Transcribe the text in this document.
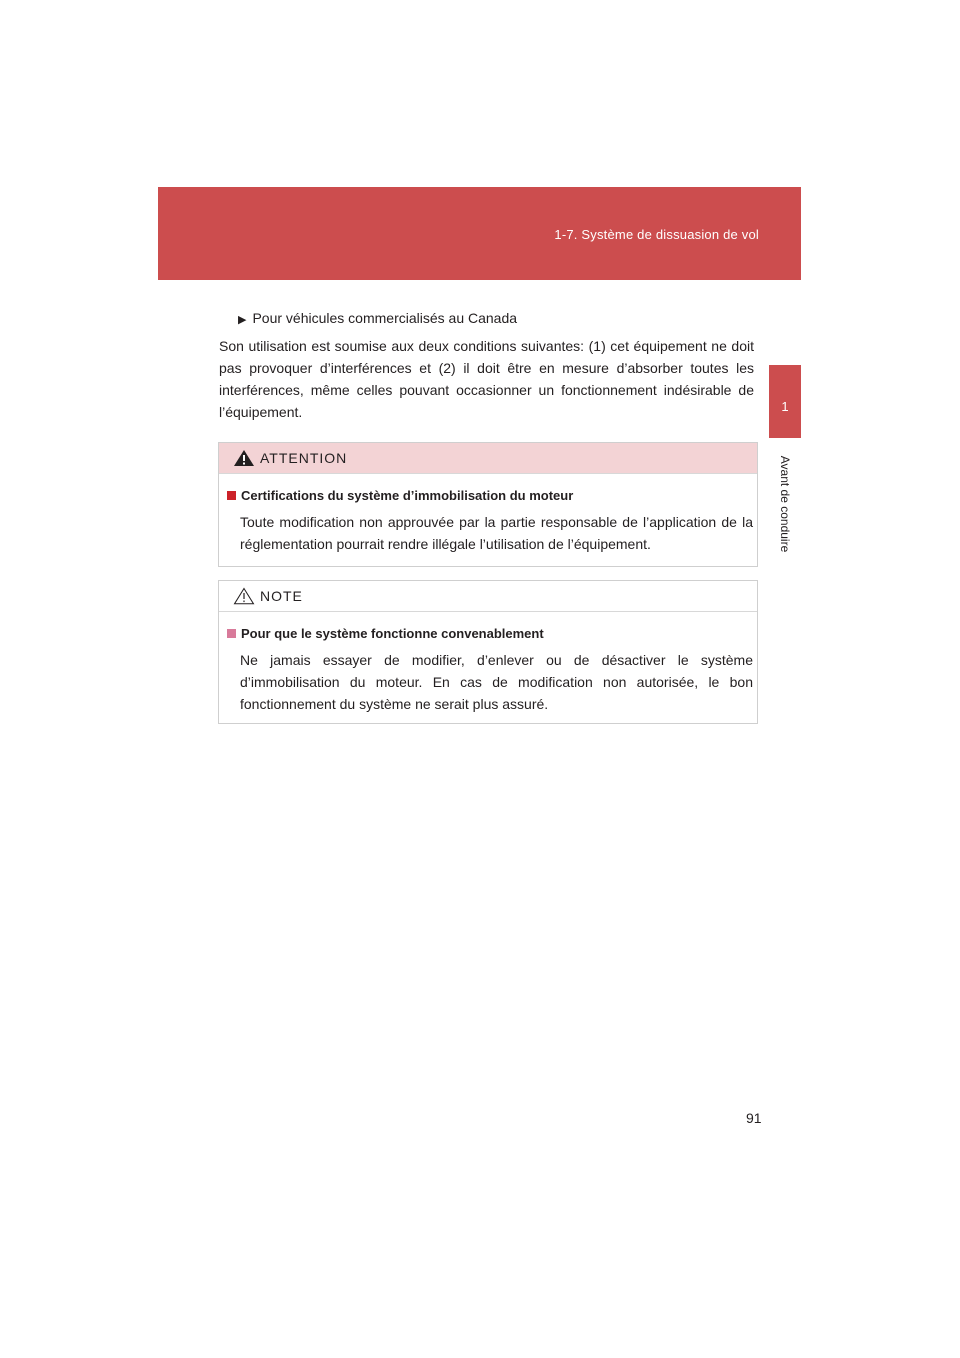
1-7. Système de dissuasion de vol
1
Avant de conduire
▶ Pour véhicules commercialisés au Canada
Son utilisation est soumise aux deux conditions suivantes: (1) cet équipement ne doit pas provoquer d’interférences et (2) il doit être en mesure d’absorber toutes les interférences, même celles pouvant occasionner un fonctionnement indésirable de l’équipement.
ATTENTION
Certifications du système d’immobilisation du moteur
Toute modification non approuvée par la partie responsable de l’application de la réglementation pourrait rendre illégale l’utilisation de l’équipement.
NOTE
Pour que le système fonctionne convenablement
Ne jamais essayer de modifier, d’enlever ou de désactiver le système d’immobilisation du moteur. En cas de modification non autorisée, le bon fonctionnement du système ne serait plus assuré.
91
